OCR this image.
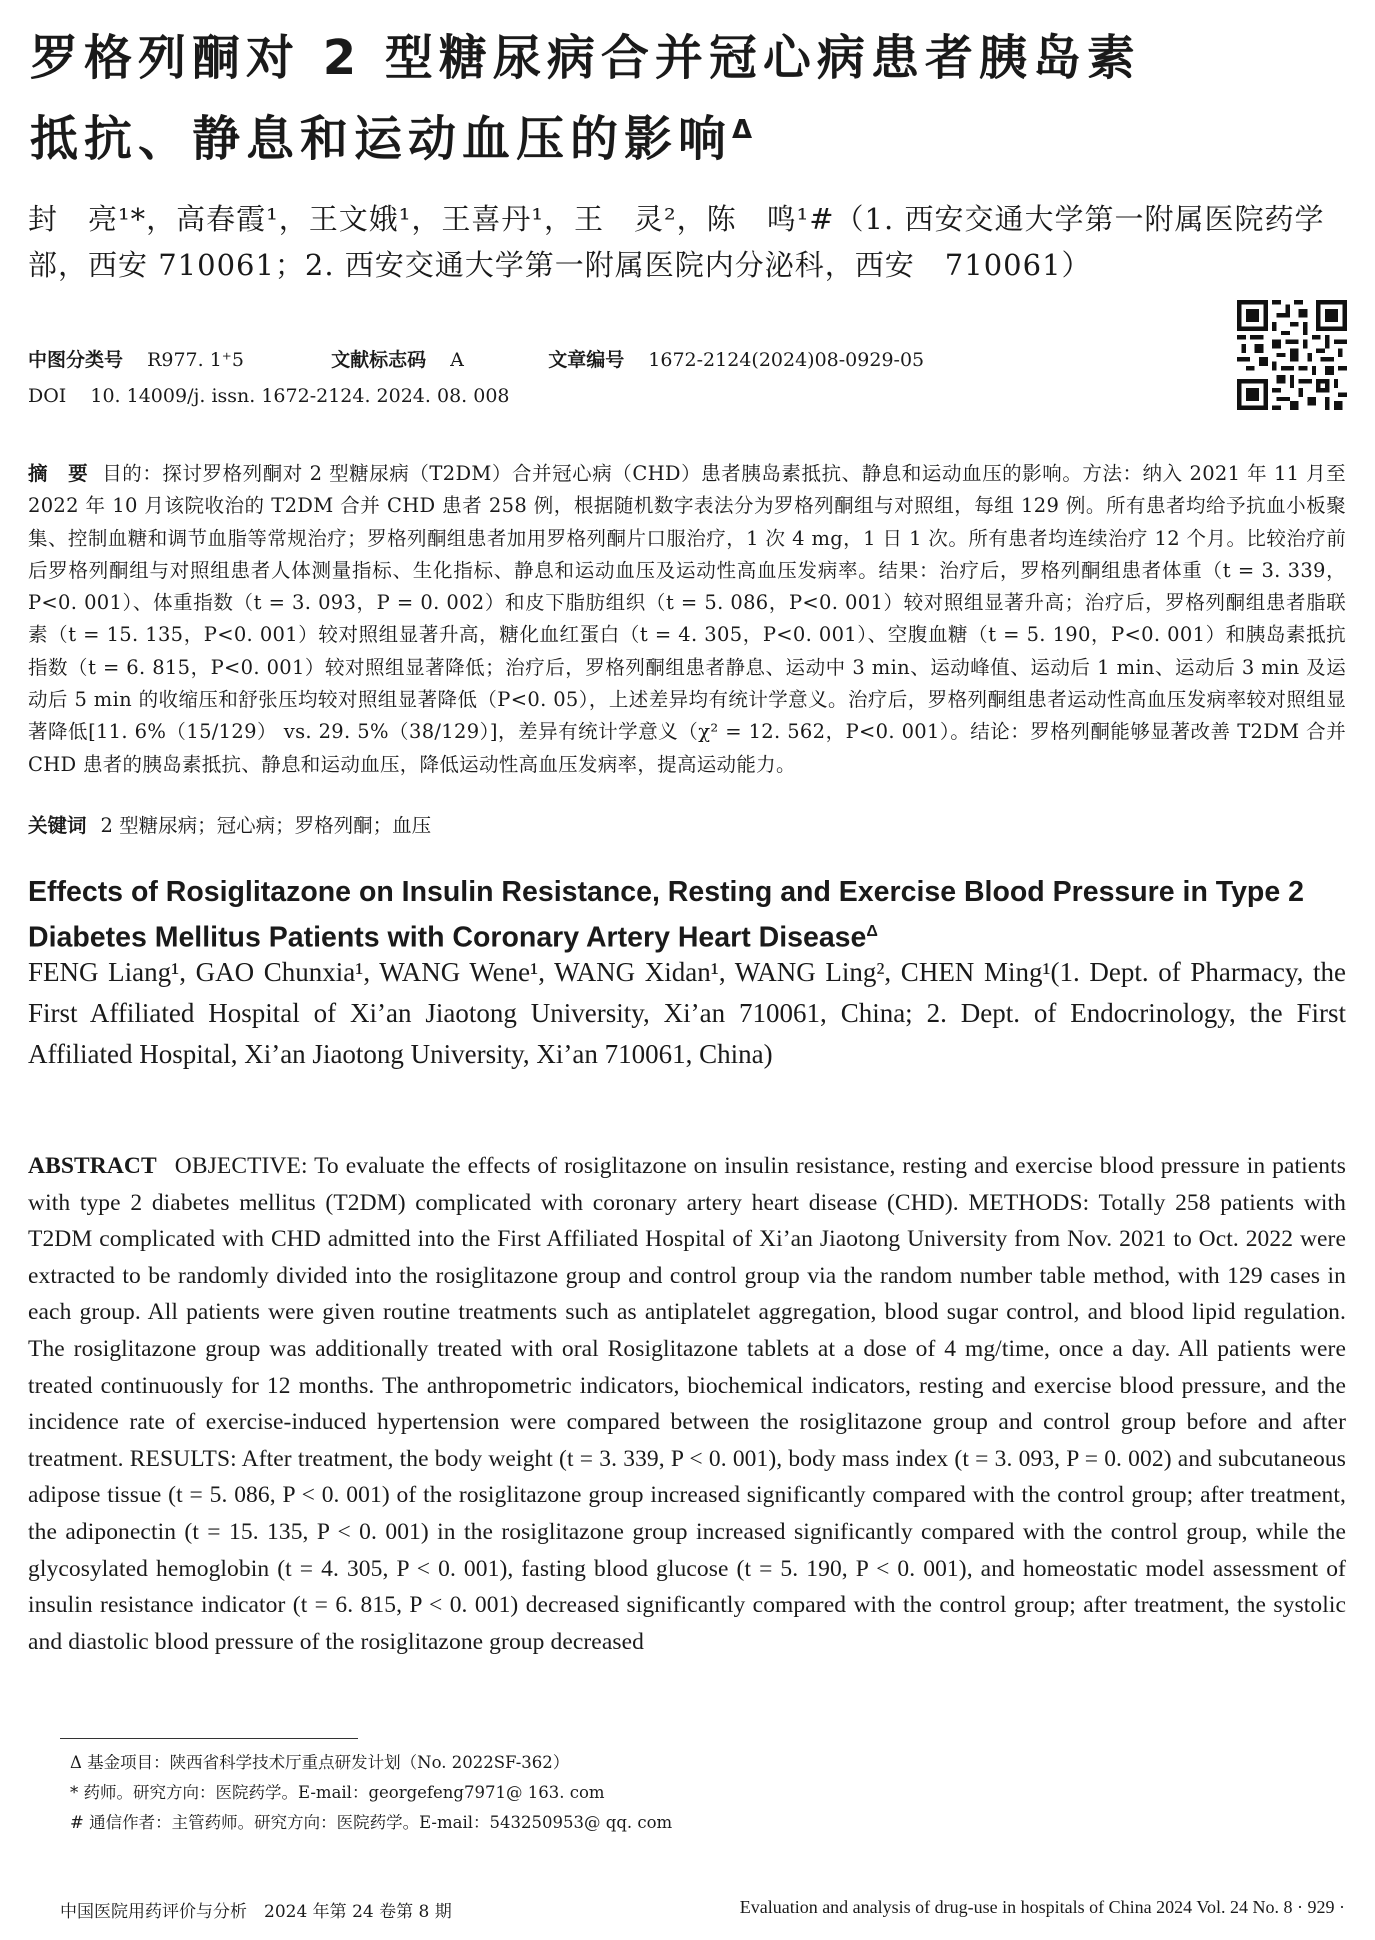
罗格列酮对 2 型糖尿病合并冠心病患者胰岛素
抵抗、静息和运动血压的影响$^\Delta$

封　亮¹*，高春霞¹，王文娥¹，王喜丹¹，王　灵²，陈　鸣¹#（1. 西安交通大学第一附属医院药学部，西安 710061；2. 西安交通大学第一附属医院内分泌科，西安　710061）

中图分类号 R977. 1⁺5	文献标志码 A	文章编号 1672-2124(2024)08-0929-05
DOI 10. 14009/j. issn. 1672-2124. 2024. 08. 008

摘　要 目的：探讨罗格列酮对 2 型糖尿病（T2DM）合并冠心病（CHD）患者胰岛素抵抗、静息和运动血压的影响。方法：纳入 2021 年 11 月至 2022 年 10 月该院收治的 T2DM 合并 CHD 患者 258 例，根据随机数字表法分为罗格列酮组与对照组，每组 129 例。所有患者均给予抗血小板聚集、控制血糖和调节血脂等常规治疗；罗格列酮组患者加用罗格列酮片口服治疗，1 次 4 mg，1 日 1 次。所有患者均连续治疗 12 个月。比较治疗前后罗格列酮组与对照组患者人体测量指标、生化指标、静息和运动血压及运动性高血压发病率。结果：治疗后，罗格列酮组患者体重（t = 3. 339，P<0. 001）、体重指数（t = 3. 093，P = 0. 002）和皮下脂肪组织（t = 5. 086，P<0. 001）较对照组显著升高；治疗后，罗格列酮组患者脂联素（t = 15. 135，P<0. 001）较对照组显著升高，糖化血红蛋白（t = 4. 305，P<0. 001）、空腹血糖（t = 5. 190，P<0. 001）和胰岛素抵抗指数（t = 6. 815，P<0. 001）较对照组显著降低；治疗后，罗格列酮组患者静息、运动中 3 min、运动峰值、运动后 1 min、运动后 3 min 及运动后 5 min 的收缩压和舒张压均较对照组显著降低（P<0. 05），上述差异均有统计学意义。治疗后，罗格列酮组患者运动性高血压发病率较对照组显著降低[11. 6%（15/129） vs. 29. 5%（38/129）]，差异有统计学意义（χ² = 12. 562，P<0. 001）。结论：罗格列酮能够显著改善 T2DM 合并 CHD 患者的胰岛素抵抗、静息和运动血压，降低运动性高血压发病率，提高运动能力。

关键词 2 型糖尿病；冠心病；罗格列酮；血压

Effects of Rosiglitazone on Insulin Resistance, Resting and Exercise Blood Pressure in Type 2 Diabetes Mellitus Patients with Coronary Artery Heart Disease$^\Delta$

FENG Liang¹, GAO Chunxia¹, WANG Wene¹, WANG Xidan¹, WANG Ling², CHEN Ming¹(1. Dept. of Pharmacy, the First Affiliated Hospital of Xi’an Jiaotong University, Xi’an 710061, China; 2. Dept. of Endocrinology, the First Affiliated Hospital, Xi’an Jiaotong University, Xi’an 710061, China)

ABSTRACT OBJECTIVE: To evaluate the effects of rosiglitazone on insulin resistance, resting and exercise blood pressure in patients with type 2 diabetes mellitus (T2DM) complicated with coronary artery heart disease (CHD). METHODS: Totally 258 patients with T2DM complicated with CHD admitted into the First Affiliated Hospital of Xi’an Jiaotong University from Nov. 2021 to Oct. 2022 were extracted to be randomly divided into the rosiglitazone group and control group via the random number table method, with 129 cases in each group. All patients were given routine treatments such as antiplatelet aggregation, blood sugar control, and blood lipid regulation. The rosiglitazone group was additionally treated with oral Rosiglitazone tablets at a dose of 4 mg/time, once a day. All patients were treated continuously for 12 months. The anthropometric indicators, biochemical indicators, resting and exercise blood pressure, and the incidence rate of exercise-induced hypertension were compared between the rosiglitazone group and control group before and after treatment. RESULTS: After treatment, the body weight (t = 3. 339, P < 0. 001), body mass index (t = 3. 093, P = 0. 002) and subcutaneous adipose tissue (t = 5. 086, P < 0. 001) of the rosiglitazone group increased significantly compared with the control group; after treatment, the adiponectin (t = 15. 135, P < 0. 001) in the rosiglitazone group increased significantly compared with the control group, while the glycosylated hemoglobin (t = 4. 305, P < 0. 001), fasting blood glucose (t = 5. 190, P < 0. 001), and homeostatic model assessment of insulin resistance indicator (t = 6. 815, P < 0. 001) decreased significantly compared with the control group; after treatment, the systolic and diastolic blood pressure of the rosiglitazone group decreased

Δ 基金项目：陕西省科学技术厅重点研发计划（No. 2022SF-362）
* 药师。研究方向：医院药学。E-mail：georgefeng7971@ 163. com
# 通信作者：主管药师。研究方向：医院药学。E-mail：543250953@ qq. com
中国医院用药评价与分析　2024 年第 24 卷第 8 期	Evaluation and analysis of drug-use in hospitals of China 2024 Vol. 24 No. 8 · 929 ·
